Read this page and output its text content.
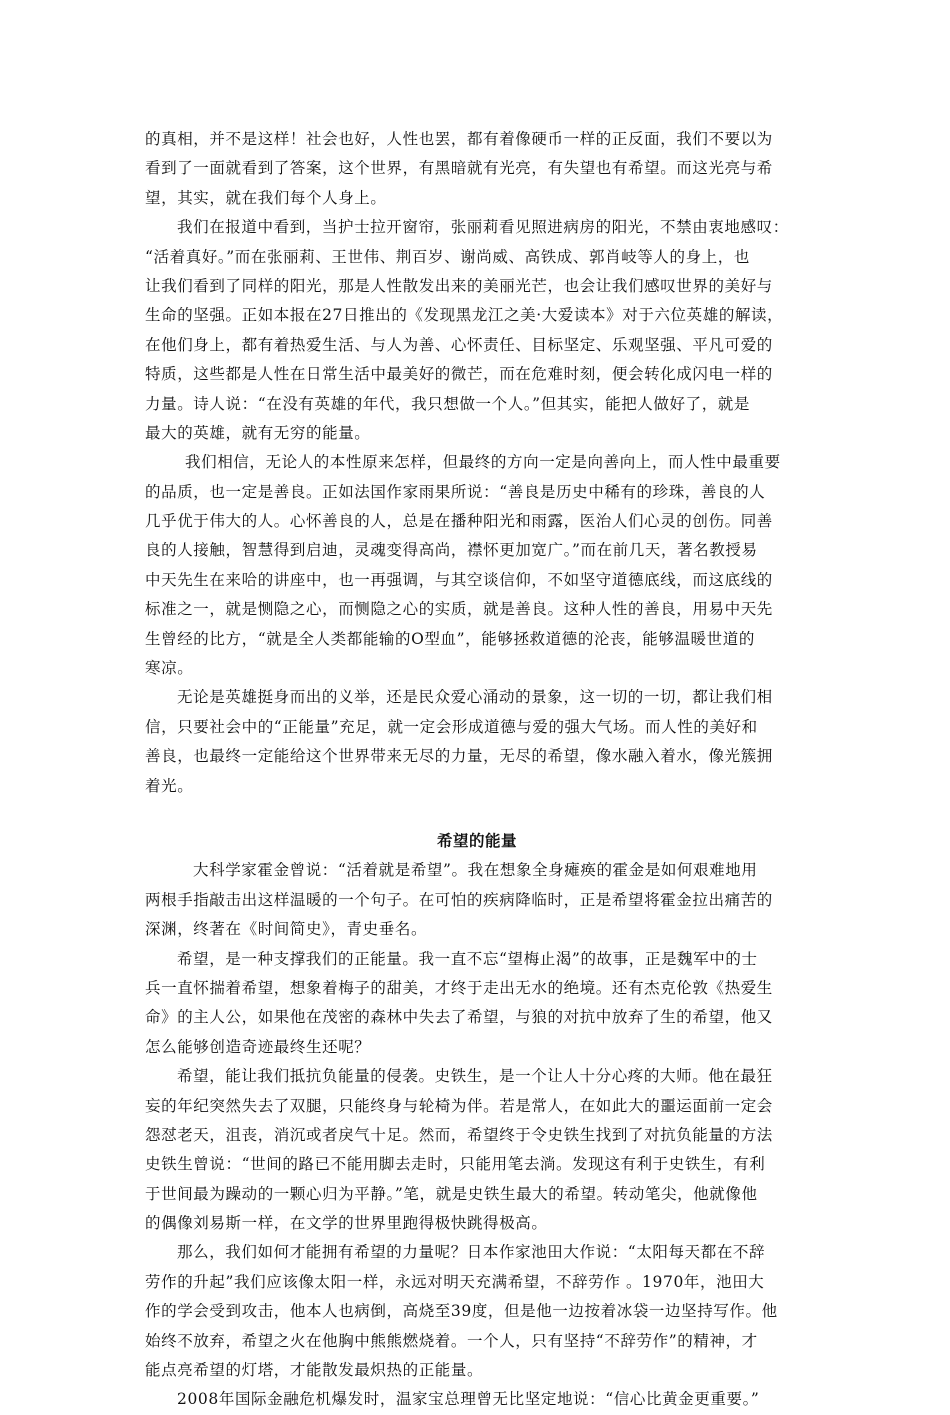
的真相，并不是这样！社会也好，人性也罢，都有着像硬币一样的正反面，我们不要以为
看到了一面就看到了答案，这个世界，有黑暗就有光亮，有失望也有希望。而这光亮与希
望，其实，就在我们每个人身上。
我们在报道中看到，当护士拉开窗帘，张丽莉看见照进病房的阳光，不禁由衷地感叹：
“活着真好。”而在张丽莉、王世伟、荆百岁、谢尚威、高铁成、郭肖岐等人的身上，也
让我们看到了同样的阳光，那是人性散发出来的美丽光芒，也会让我们感叹世界的美好与
生命的坚强。正如本报在27日推出的《发现黑龙江之美·大爱读本》对于六位英雄的解读，
在他们身上，都有着热爱生活、与人为善、心怀责任、目标坚定、乐观坚强、平凡可爱的
特质，这些都是人性在日常生活中最美好的微芒，而在危难时刻，便会转化成闪电一样的
力量。诗人说：“在没有英雄的年代，我只想做一个人。”但其实，能把人做好了，就是
最大的英雄，就有无穷的能量。
我们相信，无论人的本性原来怎样，但最终的方向一定是向善向上，而人性中最重要
的品质，也一定是善良。正如法国作家雨果所说：“善良是历史中稀有的珍珠，善良的人
几乎优于伟大的人。心怀善良的人，总是在播种阳光和雨露，医治人们心灵的创伤。同善
良的人接触，智慧得到启迪，灵魂变得高尚，襟怀更加宽广。”而在前几天，著名教授易
中天先生在来哈的讲座中，也一再强调，与其空谈信仰，不如坚守道德底线，而这底线的
标准之一，就是恻隐之心，而恻隐之心的实质，就是善良。这种人性的善良，用易中天先
生曾经的比方，“就是全人类都能输的O型血”，能够拯救道德的沦丧，能够温暖世道的
寒凉。
无论是英雄挺身而出的义举，还是民众爱心涌动的景象，这一切的一切，都让我们相
信，只要社会中的“正能量”充足，就一定会形成道德与爱的强大气场。而人性的美好和
善良，也最终一定能给这个世界带来无尽的力量，无尽的希望，像水融入着水，像光簇拥
着光。
希望的能量
大科学家霍金曾说：“活着就是希望”。我在想象全身瘫痪的霍金是如何艰难地用
两根手指敲击出这样温暖的一个句子。在可怕的疾病降临时，正是希望将霍金拉出痛苦的
深渊，终著在《时间简史》，青史垂名。
希望，是一种支撑我们的正能量。我一直不忘“望梅止渴”的故事，正是魏军中的士
兵一直怀揣着希望，想象着梅子的甜美，才终于走出无水的绝境。还有杰克伦敦《热爱生
命》的主人公，如果他在茂密的森林中失去了希望，与狼的对抗中放弃了生的希望，他又
怎么能够创造奇迹最终生还呢？
希望，能让我们抵抗负能量的侵袭。史铁生，是一个让人十分心疼的大师。他在最狂
妄的年纪突然失去了双腿，只能终身与轮椅为伴。若是常人，在如此大的噩运面前一定会
怨怼老天，沮丧，消沉或者戾气十足。然而，希望终于令史铁生找到了对抗负能量的方法
史铁生曾说：“世间的路已不能用脚去走时，只能用笔去淌。发现这有利于史铁生，有利
于世间最为躁动的一颗心归为平静。”笔，就是史铁生最大的希望。转动笔尖，他就像他
的偶像刘易斯一样，在文学的世界里跑得极快跳得极高。
那么，我们如何才能拥有希望的力量呢？日本作家池田大作说：“太阳每天都在不辞
劳作的升起”我们应该像太阳一样，永远对明天充满希望，不辞劳作 。1970年，池田大
作的学会受到攻击，他本人也病倒，高烧至39度，但是他一边按着冰袋一边坚持写作。他
始终不放弃，希望之火在他胸中熊熊燃烧着。一个人，只有坚持“不辞劳作”的精神，才
能点亮希望的灯塔，才能散发最炽热的正能量。
2008年国际金融危机爆发时，温家宝总理曾无比坚定地说：“信心比黄金更重要。”
